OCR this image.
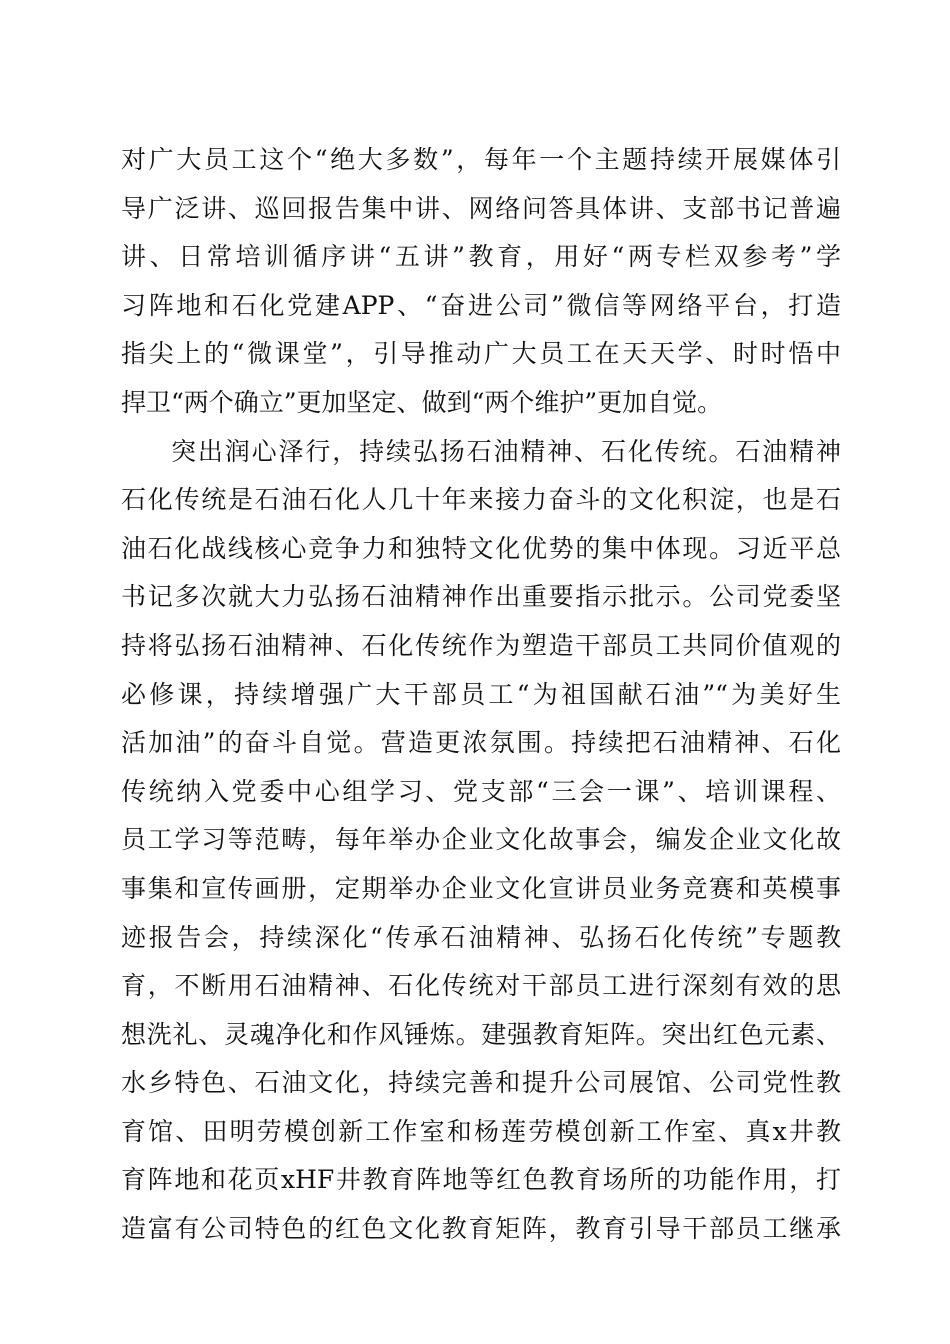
对广大员工这个“绝大多数”，每年一个主题持续开展媒体引
导广泛讲、巡回报告集中讲、网络问答具体讲、支部书记普遍
讲、日常培训循序讲“五讲”教育，用好“两专栏双参考”学
习阵地和石化党建APP、“奋进公司”微信等网络平台，打造
指尖上的“微课堂”，引导推动广大员工在天天学、时时悟中
捍卫“两个确立”更加坚定、做到“两个维护”更加自觉。
突出润心泽行，持续弘扬石油精神、石化传统。石油精神
石化传统是石油石化人几十年来接力奋斗的文化积淀，也是石
油石化战线核心竞争力和独特文化优势的集中体现。习近平总
书记多次就大力弘扬石油精神作出重要指示批示。公司党委坚
持将弘扬石油精神、石化传统作为塑造干部员工共同价值观的
必修课，持续增强广大干部员工“为祖国献石油”“为美好生
活加油”的奋斗自觉。营造更浓氛围。持续把石油精神、石化
传统纳入党委中心组学习、党支部“三会一课”、培训课程、
员工学习等范畴，每年举办企业文化故事会，编发企业文化故
事集和宣传画册，定期举办企业文化宣讲员业务竞赛和英模事
迹报告会，持续深化“传承石油精神、弘扬石化传统”专题教
育，不断用石油精神、石化传统对干部员工进行深刻有效的思
想洗礼、灵魂净化和作风锤炼。建强教育矩阵。突出红色元素、
水乡特色、石油文化，持续完善和提升公司展馆、公司党性教
育馆、田明劳模创新工作室和杨莲劳模创新工作室、真x井教
育阵地和花页xHF井教育阵地等红色教育场所的功能作用，打
造富有公司特色的红色文化教育矩阵，教育引导干部员工继承
